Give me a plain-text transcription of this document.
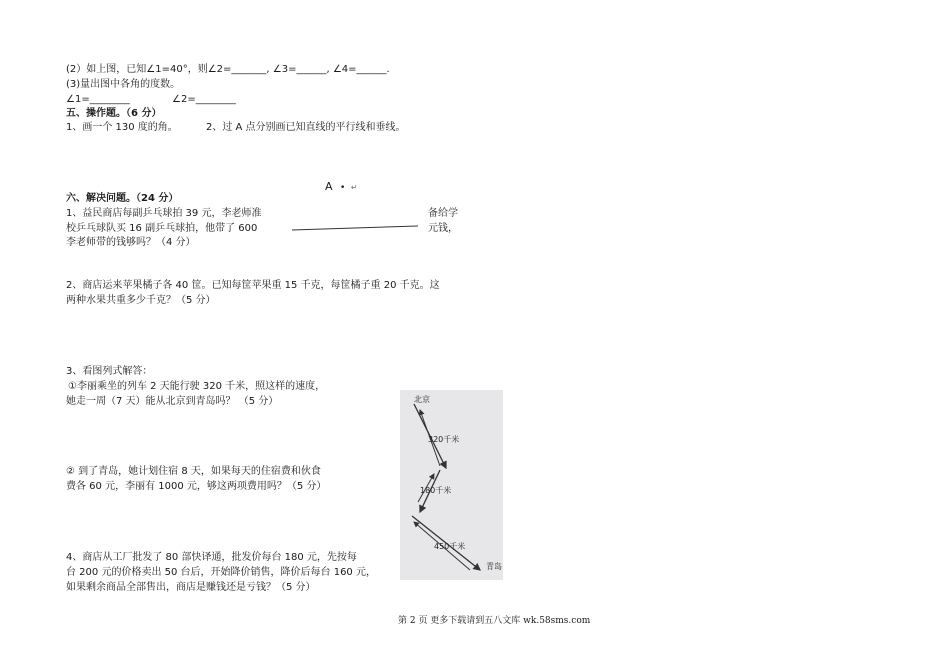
(2）如上图，已知∠1=40°，则∠2=_______, ∠3=______, ∠4=______.
(3)量出图中各角的度数。
∠1=________	∠2=________
五、操作题。（6 分）
1、画一个 130 度的角。	2、过 A 点分别画已知直线的平行线和垂线。
A • ↵
六、解决问题。（24 分）
1、益民商店每副乒乓球拍 39 元，李老师准	备给学
校乒乓球队买 16 副乒乓球拍，他带了 600	元钱，
李老师带的钱够吗？（4 分）
2、商店运来苹果橘子各 40 筐。已知每筐苹果重 15 千克，每筐橘子重 20 千克。这
两种水果共重多少千克？（5 分）
3、看图列式解答：
①李丽乘坐的列车 2 天能行驶 320 千米，照这样的速度，
她走一周（7 天）能从北京到青岛吗？ （5 分）
② 到了青岛，她计划住宿 8 天，如果每天的住宿费和伙食
费各 60 元，李丽有 1000 元，够这两项费用吗？（5 分）
4、商店从工厂批发了 80 部快译通，批发价每台 180 元，先按每
台 200 元的价格卖出 50 台后，开始降价销售，降价后每台 160 元，
如果剩余商品全部售出，商店是赚钱还是亏钱？（5 分）
北京
320千米
180千米
450千米
青岛
第 2 页 更多下载请到五八文库 wk.58sms.com
